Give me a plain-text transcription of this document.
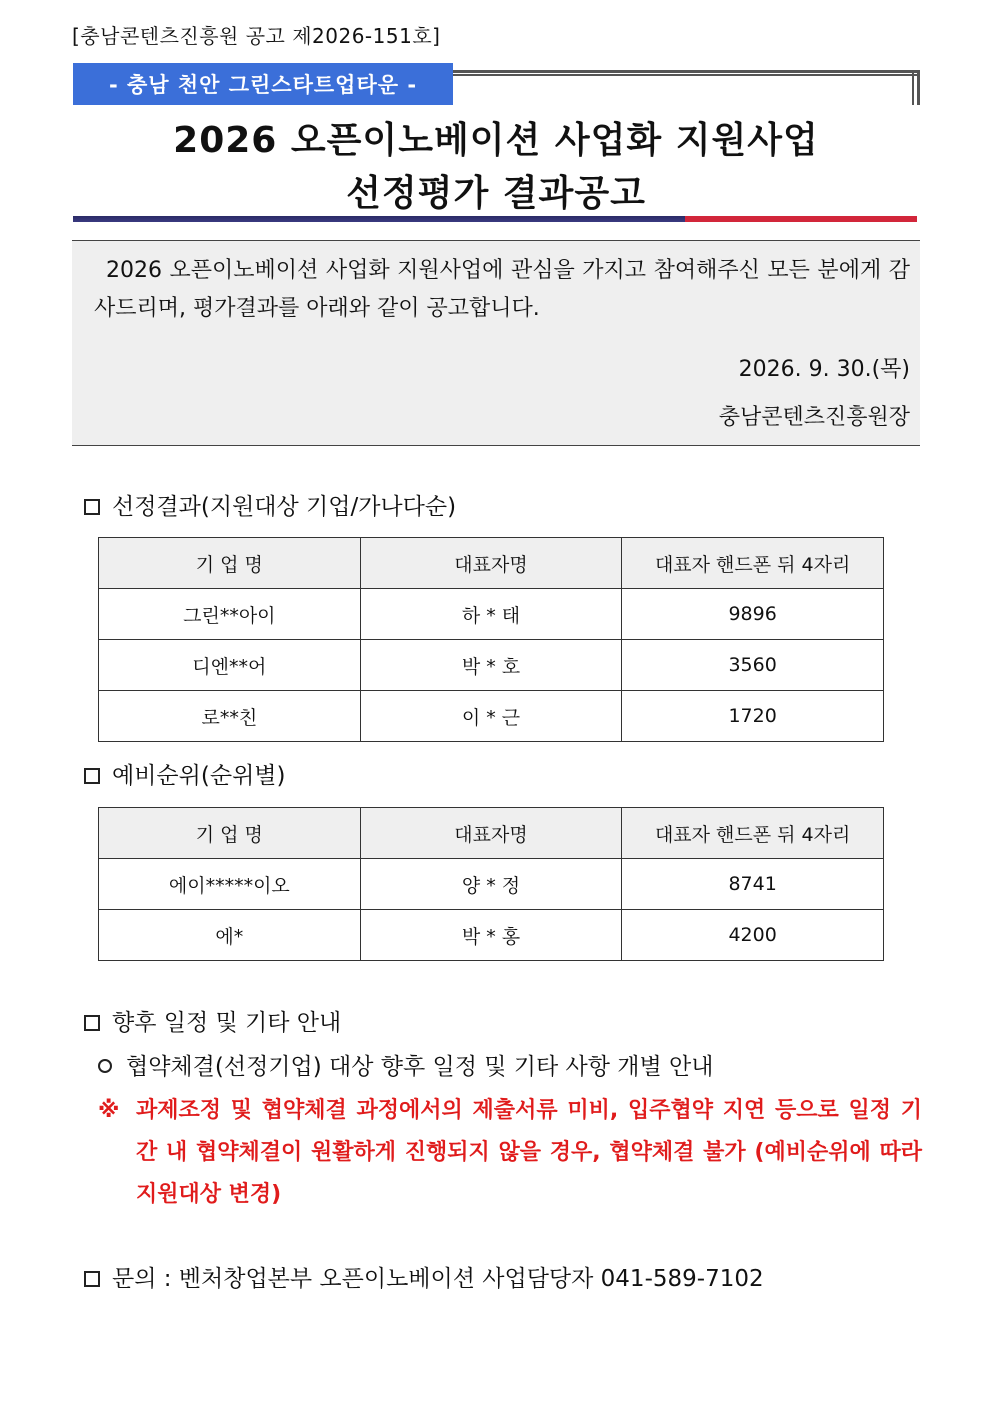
[충남콘텐츠진흥원 공고 제2026-151호]
- 충남 천안 그린스타트업타운 -
2026 오픈이노베이션 사업화 지원사업
선정평가 결과공고
2026 오픈이노베이션 사업화 지원사업에 관심을 가지고 참여해주신 모든 분에게 감사드리며, 평가결과를 아래와 같이 공고합니다.
2026. 9. 30.(목)
충남콘텐츠진흥원장
선정결과(지원대상 기업/가나다순)
기 업 명	대표자명	대표자 핸드폰 뒤 4자리
그린**아이	하 * 태	9896
디엔**어	박 * 호	3560
로**친	이 * 근	1720
예비순위(순위별)
기 업 명	대표자명	대표자 핸드폰 뒤 4자리
에이*****이오	양 * 정	8741
에*	박 * 홍	4200
향후 일정 및 기타 안내
협약체결(선정기업) 대상 향후 일정 및 기타 사항 개별 안내
※ 과제조정 및 협약체결 과정에서의 제출서류 미비, 입주협약 지연 등으로 일정 기간 내 협약체결이 원활하게 진행되지 않을 경우, 협약체결 불가 (예비순위에 따라 지원대상 변경)
문의 : 벤처창업본부 오픈이노베이션 사업담당자 041-589-7102
